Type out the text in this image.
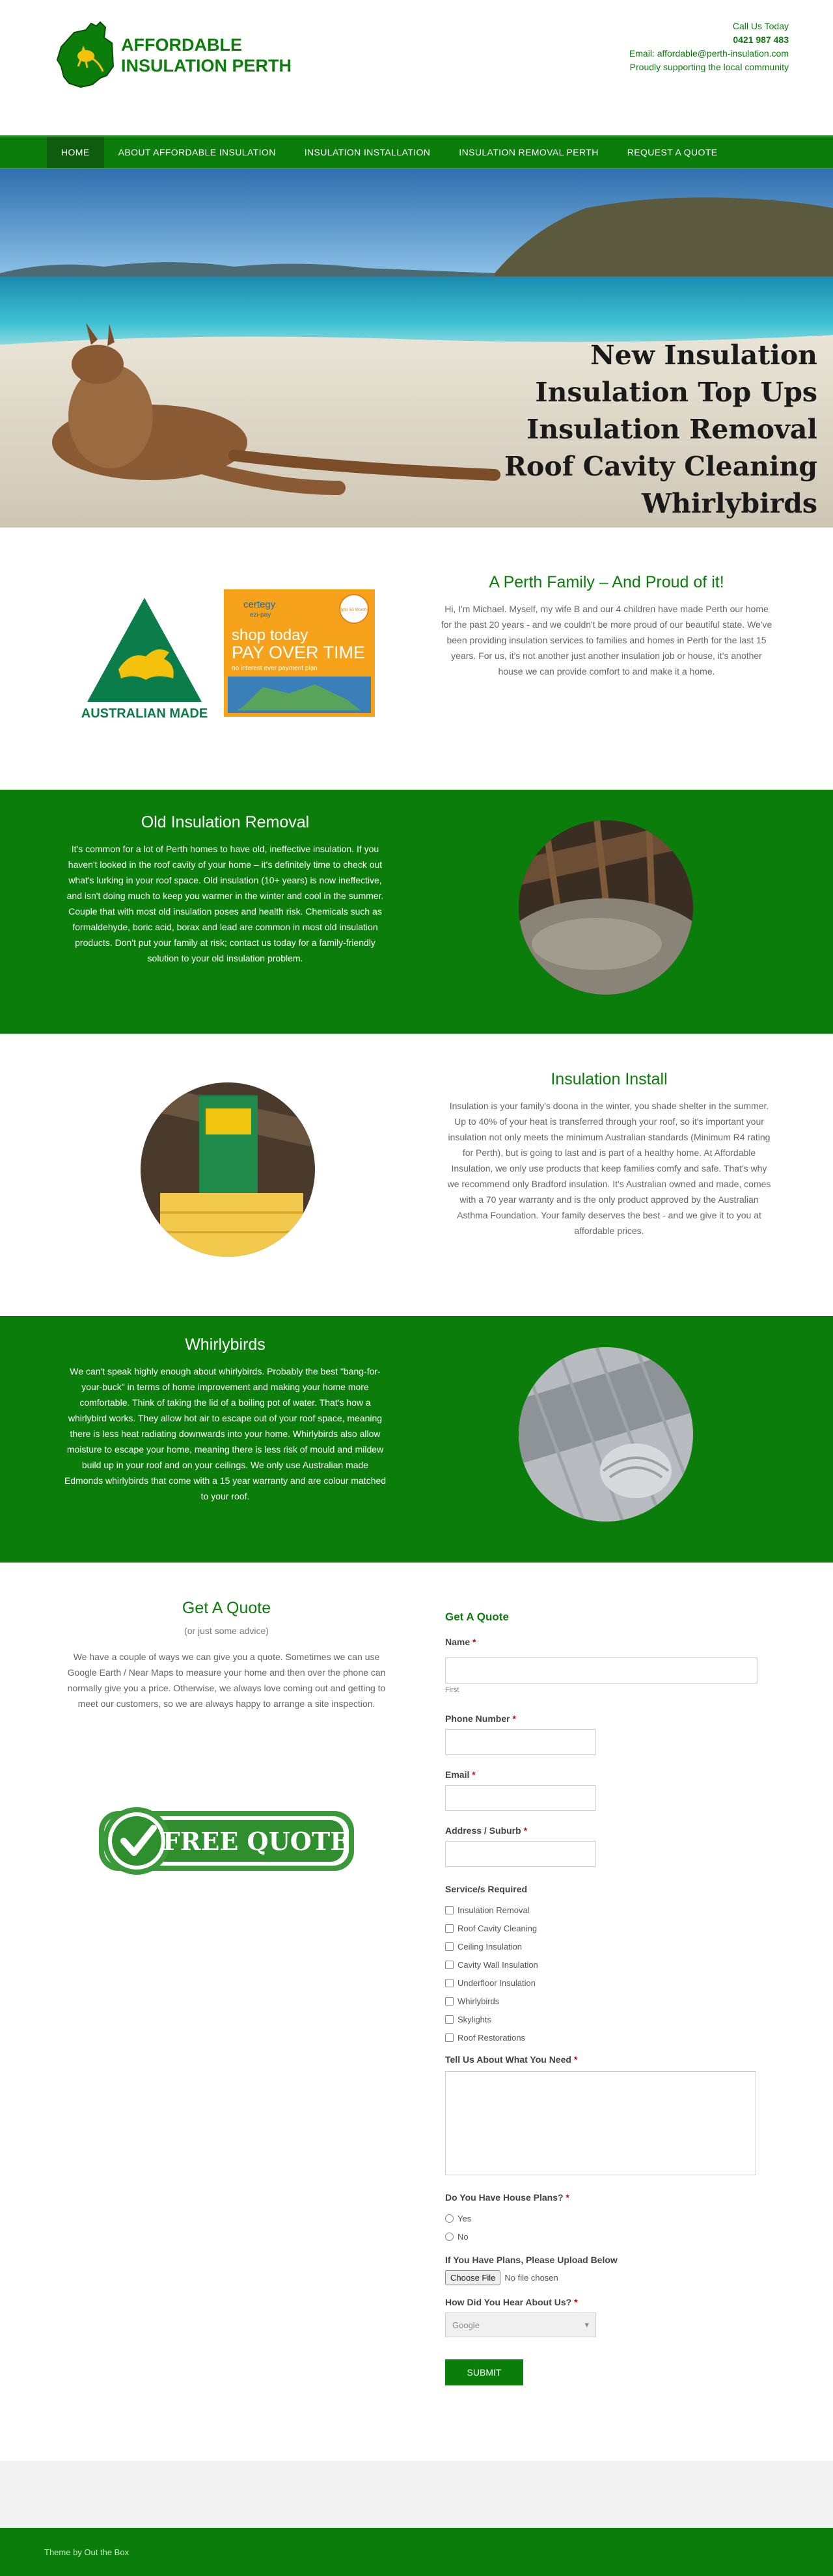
AFFORDABLE
INSULATION PERTH
Call Us Today
0421 987 483
Email: affordable@perth-insulation.com
Proudly supporting the local community
HOME	ABOUT AFFORDABLE INSULATION	INSULATION INSTALLATION	INSULATION REMOVAL PERTH	REQUEST A QUOTE
New Insulation
Insulation Top Ups
Insulation Removal
Roof Cavity Cleaning
Whirlybirds
AUSTRALIAN MADE
certegy
ezi-pay
Upto 50 Months
shop today
PAY OVER TIME
no interest ever payment plan
A Perth Family – And Proud of it!

Hi, I'm Michael. Myself, my wife B and our 4 children have made Perth our home for the past 20 years - and we couldn't be more proud of our beautiful state. We've been providing insulation services to families and homes in Perth for the last 15 years. For us, it's not another just another insulation job or house, it's another house we can provide comfort to and make it a home.

Old Insulation Removal

It's common for a lot of Perth homes to have old, ineffective insulation. If you haven't looked in the roof cavity of your home – it's definitely time to check out what's lurking in your roof space. Old insulation (10+ years) is now ineffective, and isn't doing much to keep you warmer in the winter and cool in the summer. Couple that with most old insulation poses and health risk. Chemicals such as formaldehyde, boric acid, borax and lead are common in most old insulation products. Don't put your family at risk; contact us today for a family-friendly solution to your old insulation problem.

Insulation Install

Insulation is your family's doona in the winter, you shade shelter in the summer. Up to 40% of your heat is transferred through your roof, so it's important your insulation not only meets the minimum Australian standards (Minimum R4 rating for Perth), but is going to last and is part of a healthy home. At Affordable Insulation, we only use products that keep families comfy and safe. That's why we recommend only Bradford insulation. It's Australian owned and made, comes with a 70 year warranty and is the only product approved by the Australian Asthma Foundation. Your family deserves the best - and we give it to you at affordable prices.

Whirlybirds

We can't speak highly enough about whirlybirds. Probably the best "bang-for-your-buck" in terms of home improvement and making your home more comfortable. Think of taking the lid of a boiling pot of water. That's how a whirlybird works. They allow hot air to escape out of your roof space, meaning there is less heat radiating downwards into your home. Whirlybirds also allow moisture to escape your home, meaning there is less risk of mould and mildew build up in your roof and on your ceilings. We only use Australian made Edmonds whirlybirds that come with a 15 year warranty and are colour matched to your roof.

Get A Quote
(or just some advice)

We have a couple of ways we can give you a quote. Sometimes we can use Google Earth / Near Maps to measure your home and then over the phone can normally give you a price. Otherwise, we always love coming out and getting to meet our customers, so we are always happy to arrange a site inspection.

FREE QUOTE
Get A Quote
Name *
First
Phone Number *
Email *
Address / Suburb *
Service/s Required
Insulation Removal
Roof Cavity Cleaning
Ceiling Insulation
Cavity Wall Insulation
Underfloor Insulation
Whirlybirds
Skylights
Roof Restorations
Tell Us About What You Need *
Do You Have House Plans? *
Yes
No
If You Have Plans, Please Upload Below
Choose File	No file chosen
How Did You Hear About Us? *
Google	▾
SUBMIT
Theme by Out the Box
